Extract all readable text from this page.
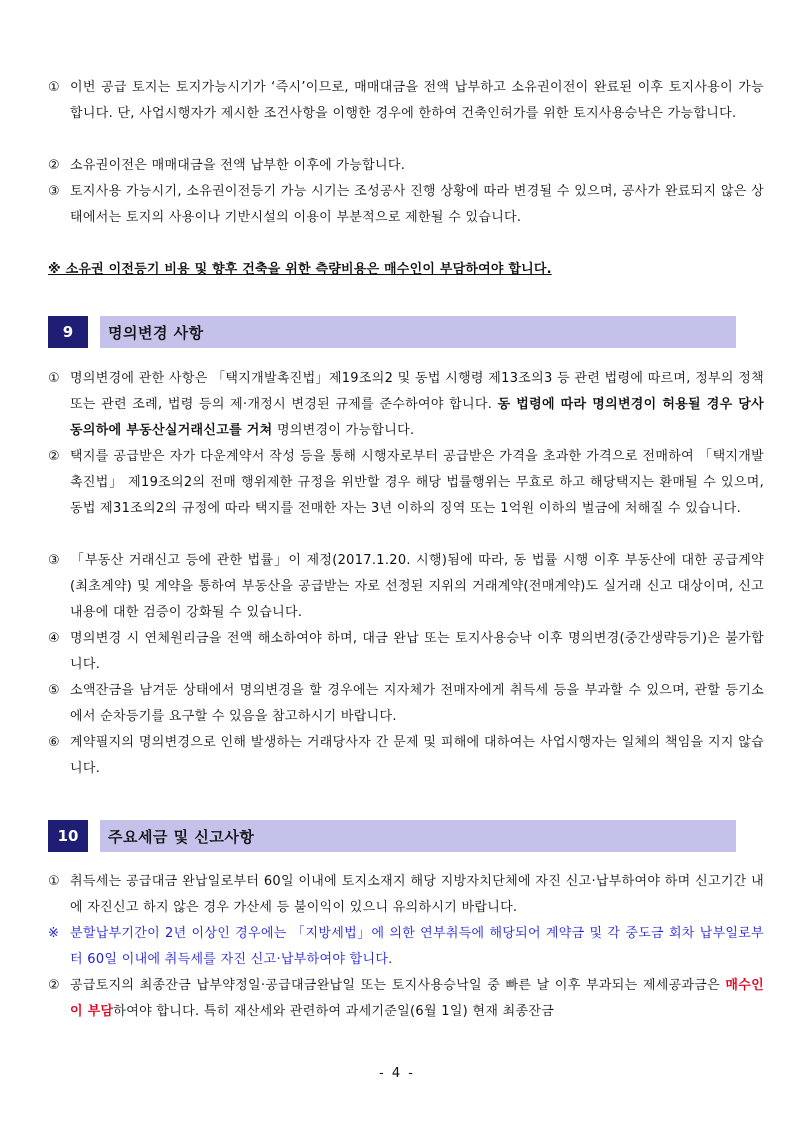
① 이번 공급 토지는 토지가능시기가 ‘즉시’이므로, 매매대금을 전액 납부하고 소유권이전이 완료된 이후 토지사용이 가능합니다. 단, 사업시행자가 제시한 조건사항을 이행한 경우에 한하여 건축인허가를 위한 토지사용승낙은 가능합니다.

② 소유권이전은 매매대금을 전액 납부한 이후에 가능합니다.

③ 토지사용 가능시기, 소유권이전등기 가능 시기는 조성공사 진행 상황에 따라 변경될 수 있으며, 공사가 완료되지 않은 상태에서는 토지의 사용이나 기반시설의 이용이 부분적으로 제한될 수 있습니다.

※ 소유권 이전등기 비용 및 향후 건축을 위한 측량비용은 매수인이 부담하여야 합니다.

9	명의변경 사항

① 명의변경에 관한 사항은 「택지개발촉진법」제19조의2 및 동법 시행령 제13조의3 등 관련 법령에 따르며, 정부의 정책 또는 관련 조례, 법령 등의 제·개정시 변경된 규제를 준수하여야 합니다. 동 법령에 따라 명의변경이 허용될 경우 당사 동의하에 부동산실거래신고를 거쳐 명의변경이 가능합니다.

② 택지를 공급받은 자가 다운계약서 작성 등을 통해 시행자로부터 공급받은 가격을 초과한 가격으로 전매하여 「택지개발촉진법」 제19조의2의 전매 행위제한 규정을 위반할 경우 해당 법률행위는 무효로 하고 해당택지는 환매될 수 있으며, 동법 제31조의2의 규정에 따라 택지를 전매한 자는 3년 이하의 징역 또는 1억원 이하의 벌금에 처해질 수 있습니다.

③ 「부동산 거래신고 등에 관한 법률」이 제정(2017.1.20. 시행)됨에 따라, 동 법률 시행 이후 부동산에 대한 공급계약(최초계약) 및 계약을 통하여 부동산을 공급받는 자로 선정된 지위의 거래계약(전매계약)도 실거래 신고 대상이며, 신고내용에 대한 검증이 강화될 수 있습니다.

④ 명의변경 시 연체원리금을 전액 해소하여야 하며, 대금 완납 또는 토지사용승낙 이후 명의변경(중간생략등기)은 불가합니다.

⑤ 소액잔금을 남겨둔 상태에서 명의변경을 할 경우에는 지자체가 전매자에게 취득세 등을 부과할 수 있으며, 관할 등기소에서 순차등기를 요구할 수 있음을 참고하시기 바랍니다.

⑥ 계약필지의 명의변경으로 인해 발생하는 거래당사자 간 문제 및 피해에 대하여는 사업시행자는 일체의 책임을 지지 않습니다.

10	주요세금 및 신고사항

① 취득세는 공급대금 완납일로부터 60일 이내에 토지소재지 해당 지방자치단체에 자진 신고·납부하여야 하며 신고기간 내에 자진신고 하지 않은 경우 가산세 등 불이익이 있으니 유의하시기 바랍니다.

※ 분할납부기간이 2년 이상인 경우에는 「지방세법」에 의한 연부취득에 해당되어 계약금 및 각 중도금 회차 납부일로부터 60일 이내에 취득세를 자진 신고·납부하여야 합니다.

② 공급토지의 최종잔금 납부약정일·공급대금완납일 또는 토지사용승낙일 중 빠른 날 이후 부과되는 제세공과금은 매수인이 부담하여야 합니다. 특히 재산세와 관련하여 과세기준일(6월 1일) 현재 최종잔금

- 4 -
